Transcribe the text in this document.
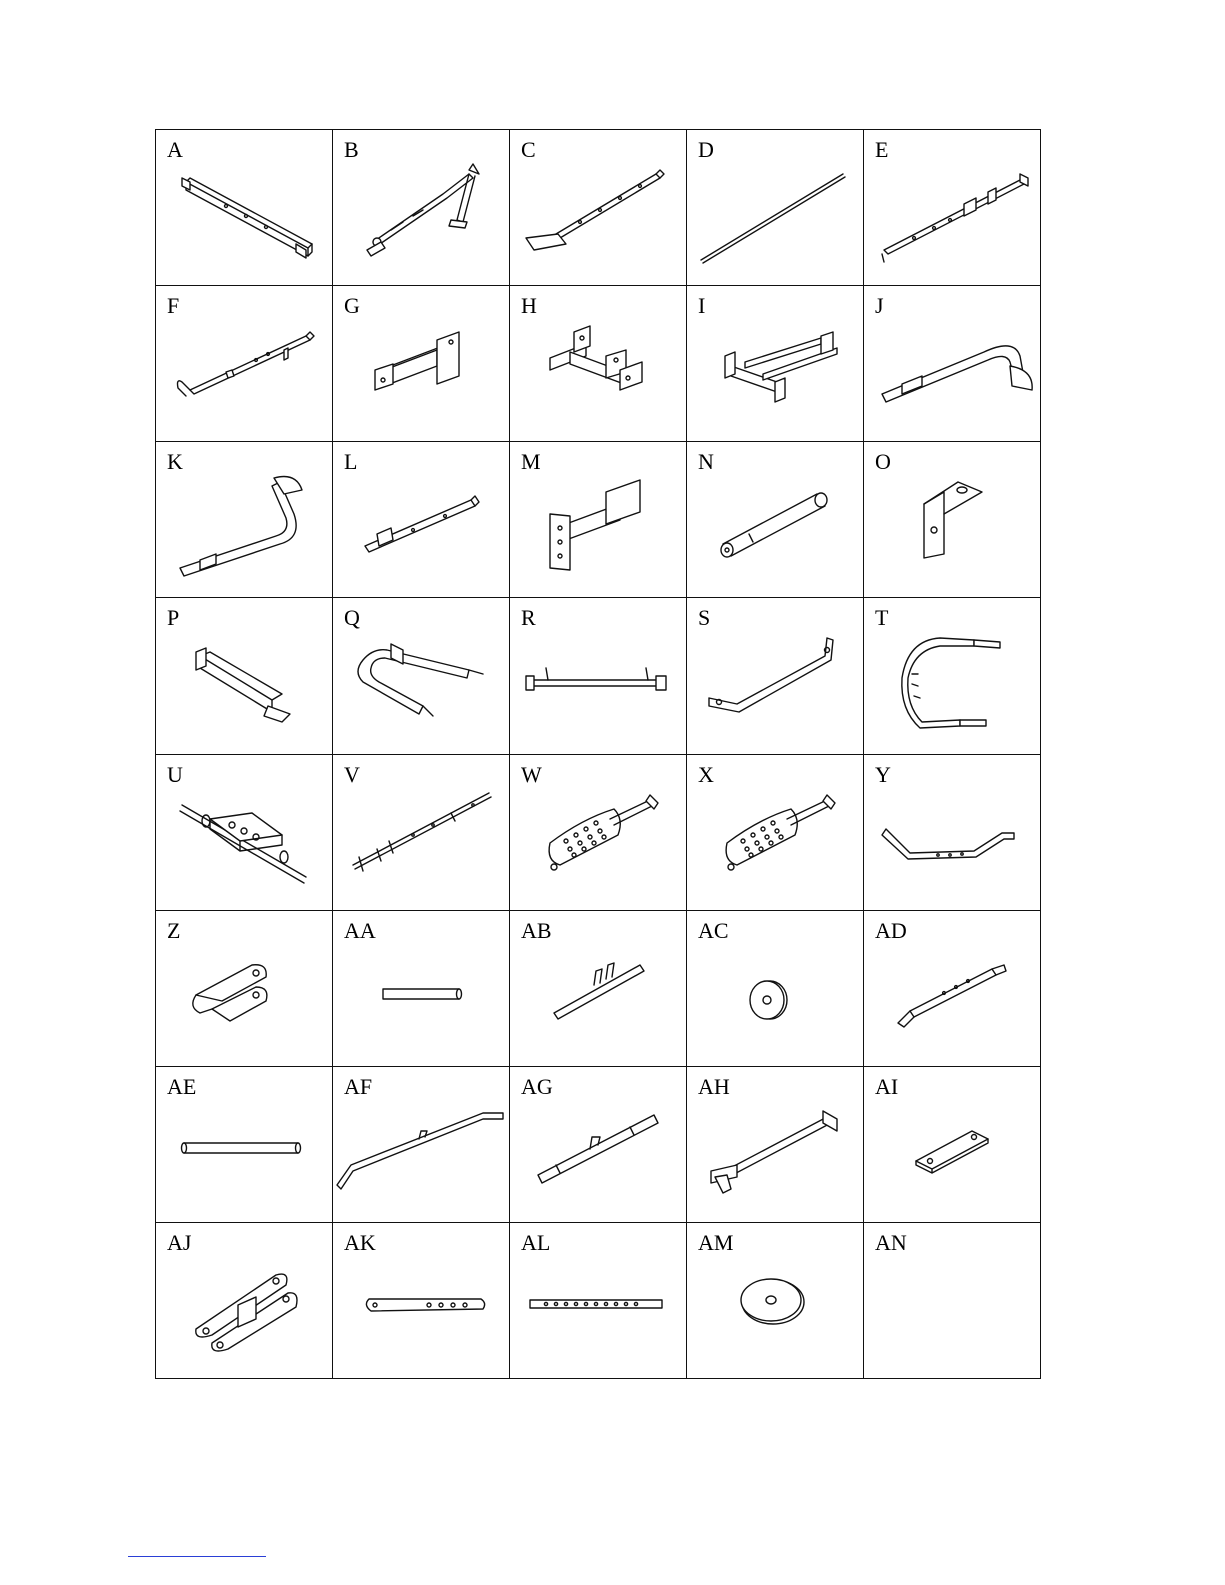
A	B	C	D	E

F	G	H	I	J

K	L	M	N	O

P	Q	R	S	T

U	V	W	X	Y

Z	AA	AB	AC	AD

AE	AF	AG	AH	AI

AJ	AK	AL	AM	AN
